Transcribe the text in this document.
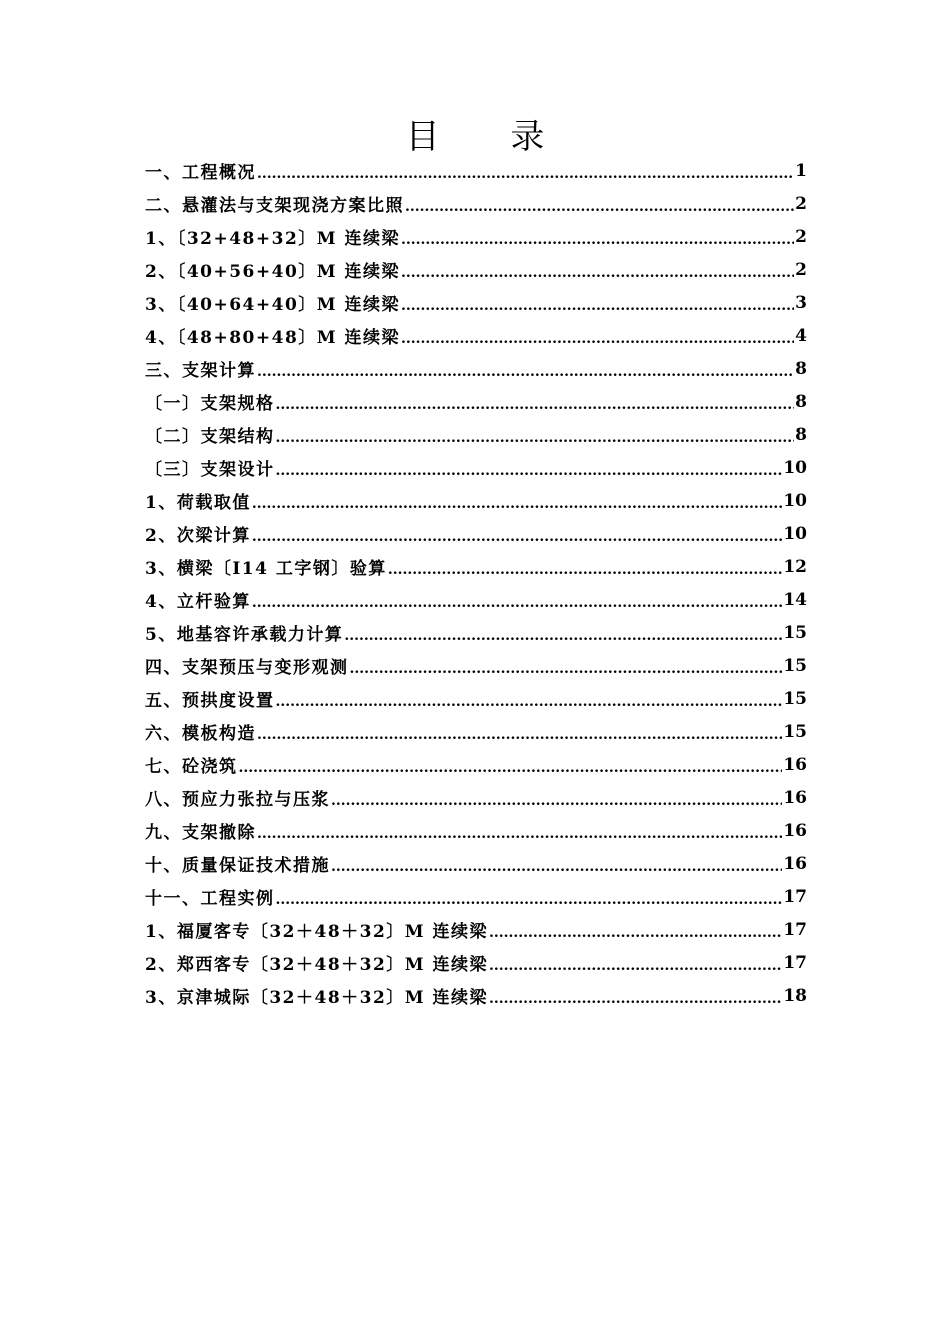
目 录
一、工程概况 .....	1
二、悬灌法与支架现浇方案比照 .....	2
1、〔32+48+32〕M 连续梁 .....	2
2、〔40+56+40〕M 连续梁 .....	2
3、〔40+64+40〕M 连续梁 .....	3
4、〔48+80+48〕M 连续梁 .....	4
三、支架计算 .....	8
〔一〕支架规格 .....	8
〔二〕支架结构 .....	8
〔三〕支架设计 .....	10
1、荷载取值 .....	10
2、次梁计算 .....	10
3、横梁〔I14 工字钢〕验算 .....	12
4、立杆验算 .....	14
5、地基容许承载力计算 .....	15
四、支架预压与变形观测 .....	15
五、预拱度设置 .....	15
六、模板构造 .....	15
七、砼浇筑 .....	16
八、预应力张拉与压浆 .....	16
九、支架撤除 .....	16
十、质量保证技术措施 .....	16
十一、工程实例 .....	17
1、福厦客专〔32＋48＋32〕M 连续梁 .....	17
2、郑西客专〔32＋48＋32〕M 连续梁 .....	17
3、京津城际〔32＋48＋32〕M 连续梁 .....	18
